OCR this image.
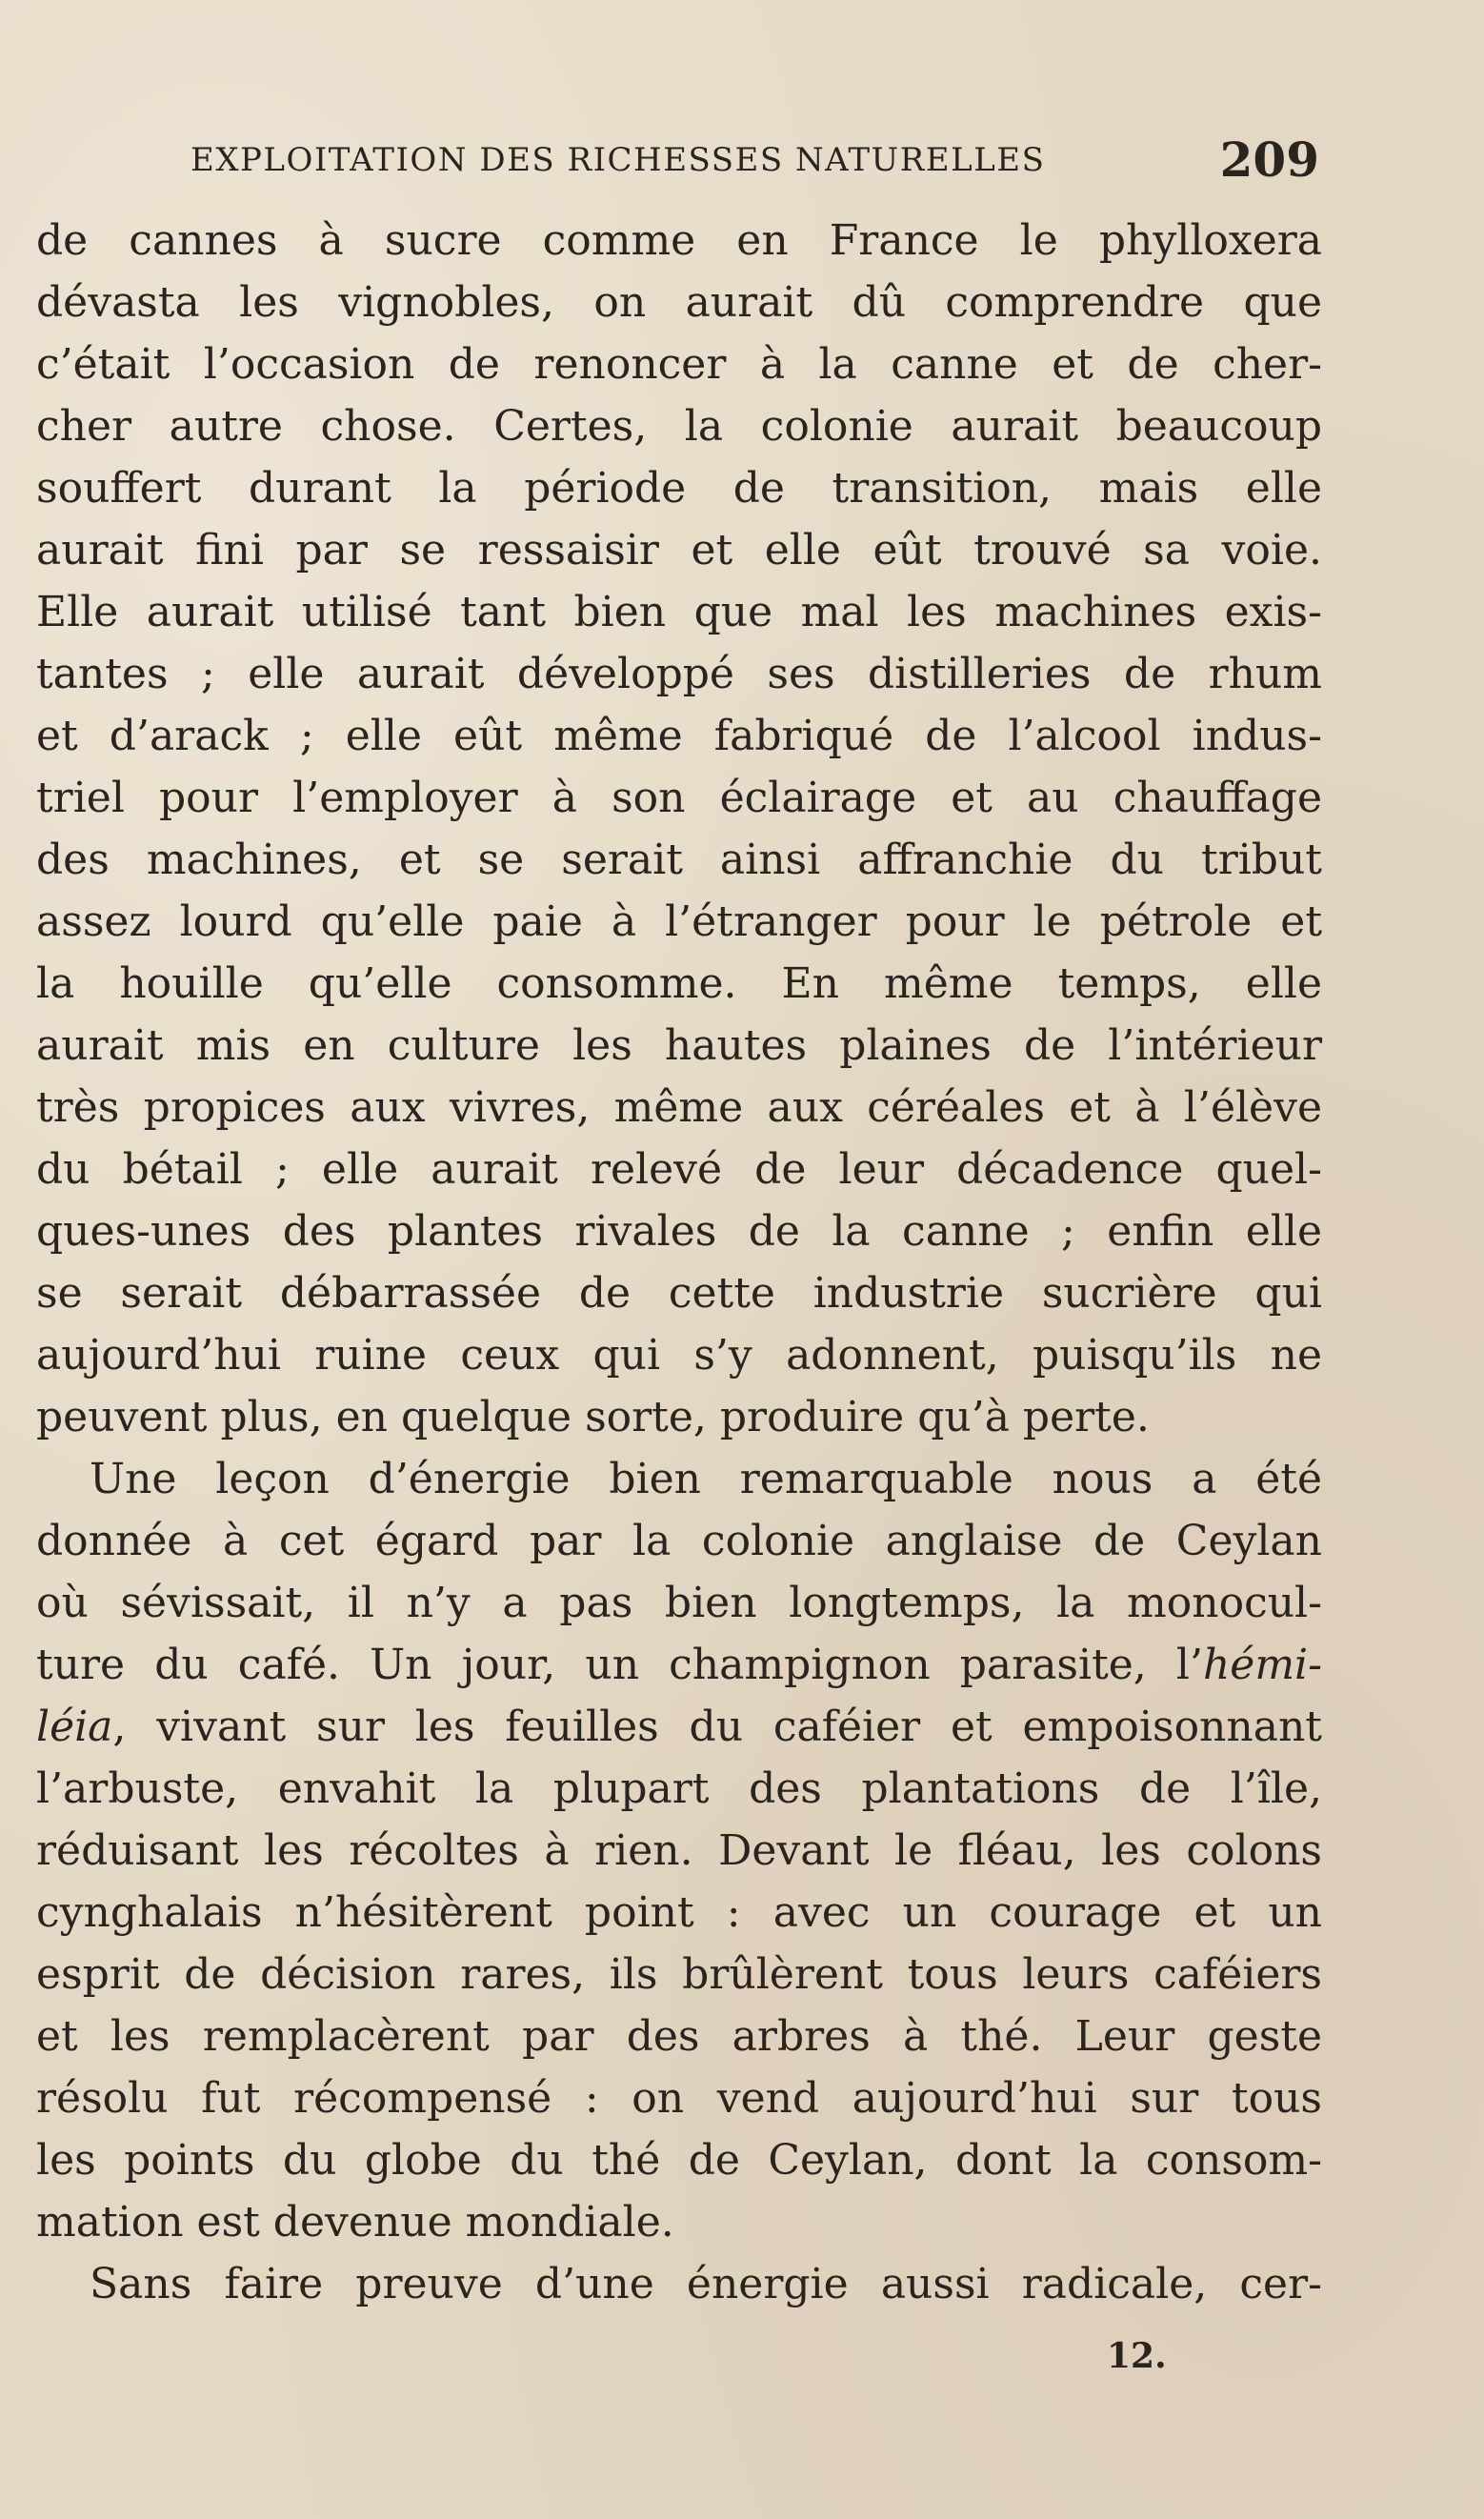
EXPLOITATION DES RICHESSES NATURELLES	209
de cannes à sucre comme en France le phylloxera
dévasta les vignobles, on aurait dû comprendre que
c’était l’occasion de renoncer à la canne et de cher-
cher autre chose. Certes, la colonie aurait beaucoup
souffert durant la période de transition, mais elle
aurait fini par se ressaisir et elle eût trouvé sa voie.
Elle aurait utilisé tant bien que mal les machines exis-
tantes ; elle aurait développé ses distilleries de rhum
et d’arack ; elle eût même fabriqué de l’alcool indus-
triel pour l’employer à son éclairage et au chauffage
des machines, et se serait ainsi affranchie du tribut
assez lourd qu’elle paie à l’étranger pour le pétrole et
la houille qu’elle consomme. En même temps, elle
aurait mis en culture les hautes plaines de l’intérieur
très propices aux vivres, même aux céréales et à l’élève
du bétail ; elle aurait relevé de leur décadence quel-
ques-unes des plantes rivales de la canne ; enfin elle
se serait débarrassée de cette industrie sucrière qui
aujourd’hui ruine ceux qui s’y adonnent, puisqu’ils ne
peuvent plus, en quelque sorte, produire qu’à perte.
Une leçon d’énergie bien remarquable nous a été
donnée à cet égard par la colonie anglaise de Ceylan
où sévissait, il n’y a pas bien longtemps, la monocul-
ture du café. Un jour, un champignon parasite, l’hémi-
léia, vivant sur les feuilles du caféier et empoisonnant
l’arbuste, envahit la plupart des plantations de l’île,
réduisant les récoltes à rien. Devant le fléau, les colons
cynghalais n’hésitèrent point : avec un courage et un
esprit de décision rares, ils brûlèrent tous leurs caféiers
et les remplacèrent par des arbres à thé. Leur geste
résolu fut récompensé : on vend aujourd’hui sur tous
les points du globe du thé de Ceylan, dont la consom-
mation est devenue mondiale.
Sans faire preuve d’une énergie aussi radicale, cer-
12.
